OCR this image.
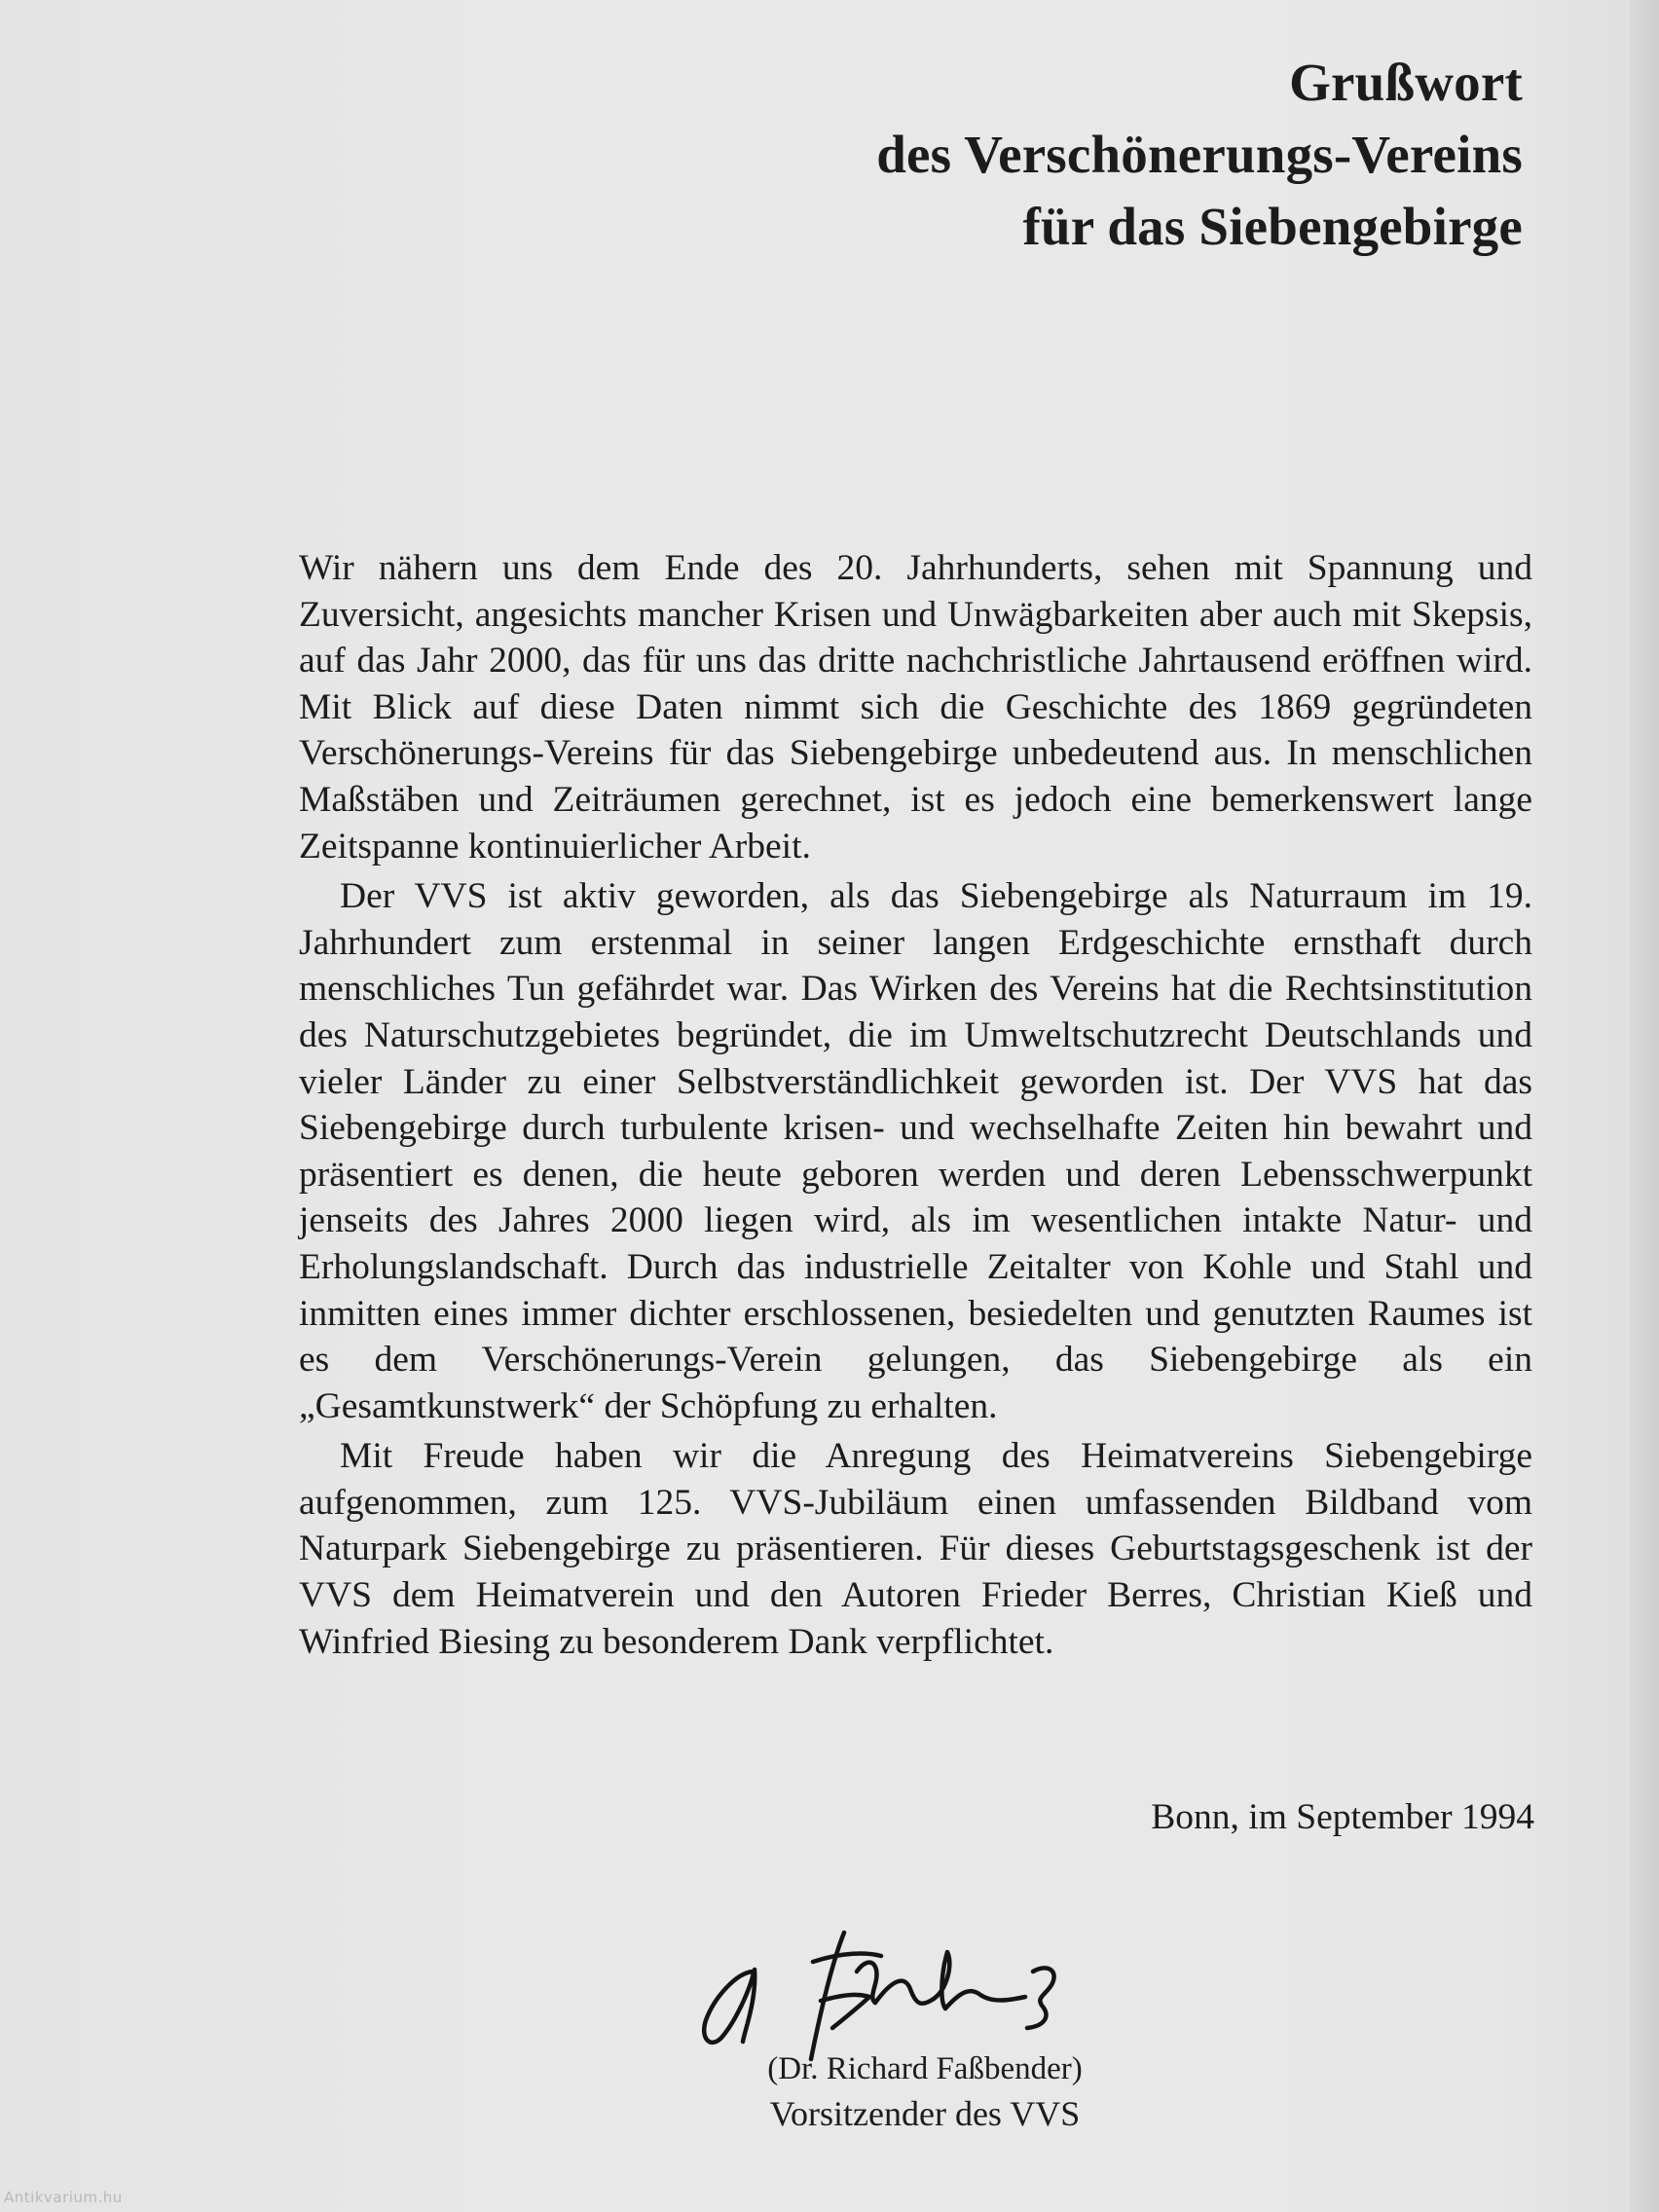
Grußwort
des Verschönerungs-Vereins
für das Siebengebirge

Wir nähern uns dem Ende des 20. Jahrhunderts, sehen mit Spannung und Zuversicht, angesichts mancher Krisen und Unwägbarkeiten aber auch mit Skepsis, auf das Jahr 2000, das für uns das dritte nachchristliche Jahrtausend eröffnen wird. Mit Blick auf diese Daten nimmt sich die Geschichte des 1869 gegründeten Verschönerungs-Vereins für das Siebengebirge unbedeutend aus. In menschlichen Maßstäben und Zeiträumen gerechnet, ist es jedoch eine bemerkenswert lange Zeitspanne kontinuierlicher Arbeit.

Der VVS ist aktiv geworden, als das Siebengebirge als Naturraum im 19. Jahrhundert zum erstenmal in seiner langen Erdgeschichte ernsthaft durch menschliches Tun gefährdet war. Das Wirken des Vereins hat die Rechtsinstitution des Naturschutzgebietes begründet, die im Umweltschutzrecht Deutschlands und vieler Länder zu einer Selbstverständlichkeit geworden ist. Der VVS hat das Siebengebirge durch turbulente krisen- und wechselhafte Zeiten hin bewahrt und präsentiert es denen, die heute geboren werden und deren Lebensschwerpunkt jenseits des Jahres 2000 liegen wird, als im wesentlichen intakte Natur- und Erholungslandschaft. Durch das industrielle Zeitalter von Kohle und Stahl und inmitten eines immer dichter erschlossenen, besiedelten und genutzten Raumes ist es dem Verschönerungs-Verein gelungen, das Siebengebirge als ein „Gesamtkunstwerk“ der Schöpfung zu erhalten.

Mit Freude haben wir die Anregung des Heimatvereins Siebengebirge aufgenommen, zum 125. VVS-Jubiläum einen umfassenden Bildband vom Naturpark Siebengebirge zu präsentieren. Für dieses Geburtstagsgeschenk ist der VVS dem Heimatverein und den Autoren Frieder Berres, Christian Kieß und Winfried Biesing zu besonderem Dank verpflichtet.

Bonn, im September 1994
(Dr. Richard Faßbender)
Vorsitzender des VVS
Antikvarium.hu
